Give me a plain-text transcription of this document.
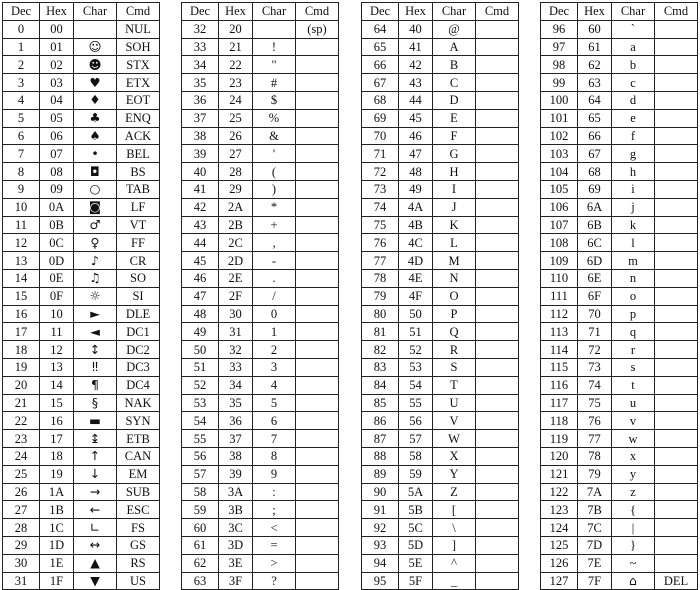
Dec	Hex	Char	Cmd
0	00		NUL
1	01	☺	SOH
2	02	☻	STX
3	03	♥	ETX
4	04	♦	EOT
5	05	♣	ENQ
6	06	♠	ACK
7	07	•	BEL
8	08	◘	BS
9	09	○	TAB
10	0A	◙	LF
11	0B	♂	VT
12	0C	♀	FF
13	0D	♪	CR
14	0E	♫	SO
15	0F	☼	SI
16	10	►	DLE
17	11	◄	DC1
18	12	↕	DC2
19	13	‼	DC3
20	14	¶	DC4
21	15	§	NAK
22	16	▬	SYN
23	17	↨	ETB
24	18	↑	CAN
25	19	↓	EM
26	1A	→	SUB
27	1B	←	ESC
28	1C	∟	FS
29	1D	↔	GS
30	1E	▲	RS
31	1F	▼	US
Dec	Hex	Char	Cmd
32	20		(sp)
33	21	!	
34	22	"	
35	23	#	
36	24	$	
37	25	%	
38	26	&	
39	27	'	
40	28	(	
41	29	)	
42	2A	*	
43	2B	+	
44	2C	,	
45	2D	-	
46	2E	.	
47	2F	/	
48	30	0	
49	31	1	
50	32	2	
51	33	3	
52	34	4	
53	35	5	
54	36	6	
55	37	7	
56	38	8	
57	39	9	
58	3A	:	
59	3B	;	
60	3C	<	
61	3D	=	
62	3E	>	
63	3F	?	
Dec	Hex	Char	Cmd
64	40	@	
65	41	A	
66	42	B	
67	43	C	
68	44	D	
69	45	E	
70	46	F	
71	47	G	
72	48	H	
73	49	I	
74	4A	J	
75	4B	K	
76	4C	L	
77	4D	M	
78	4E	N	
79	4F	O	
80	50	P	
81	51	Q	
82	52	R	
83	53	S	
84	54	T	
85	55	U	
86	56	V	
87	57	W	
88	58	X	
89	59	Y	
90	5A	Z	
91	5B	[	
92	5C	\	
93	5D	]	
94	5E	^	
95	5F	_	
Dec	Hex	Char	Cmd
96	60	`	
97	61	a	
98	62	b	
99	63	c	
100	64	d	
101	65	e	
102	66	f	
103	67	g	
104	68	h	
105	69	i	
106	6A	j	
107	6B	k	
108	6C	l	
109	6D	m	
110	6E	n	
111	6F	o	
112	70	p	
113	71	q	
114	72	r	
115	73	s	
116	74	t	
117	75	u	
118	76	v	
119	77	w	
120	78	x	
121	79	y	
122	7A	z	
123	7B	{	
124	7C	|	
125	7D	}	
126	7E	~	
127	7F	⌂	DEL
